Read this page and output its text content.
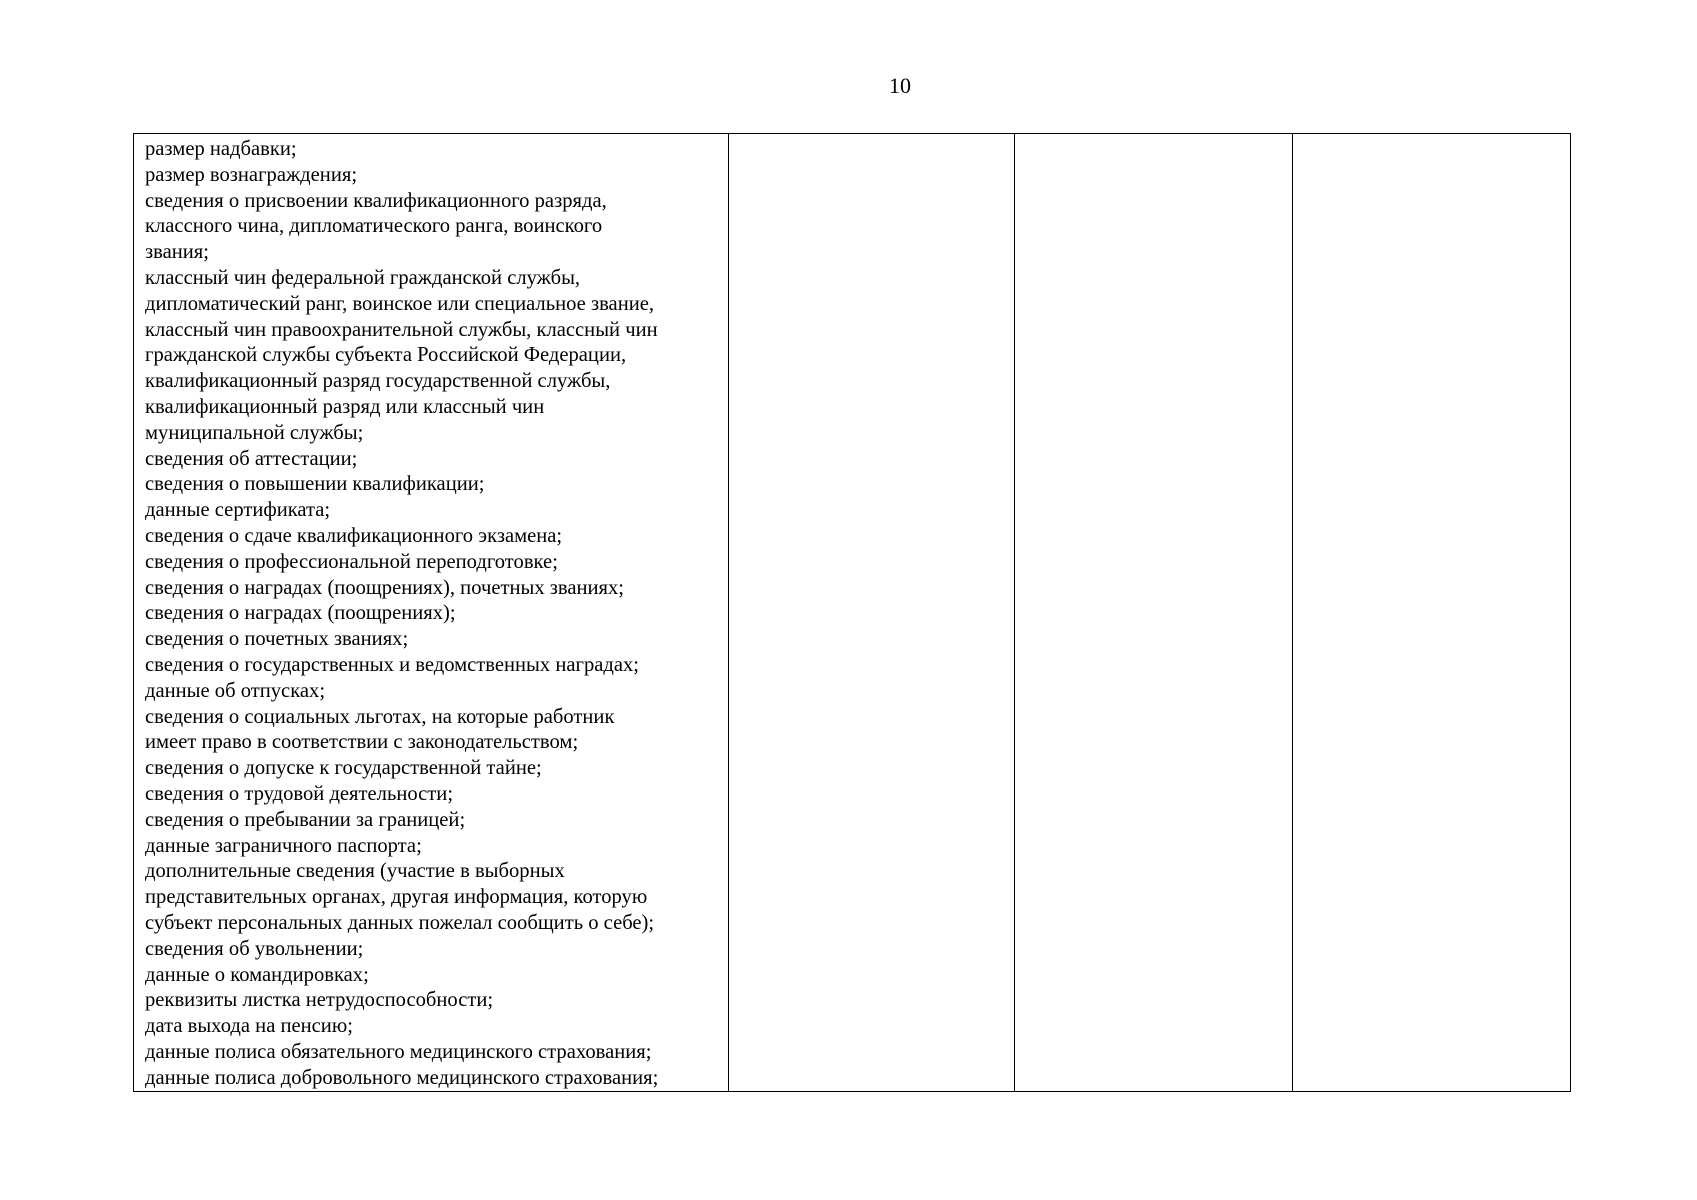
10
размер надбавки;
размер вознаграждения;
сведения о присвоении квалификационного разряда,
классного чина, дипломатического ранга, воинского
звания;
классный чин федеральной гражданской службы,
дипломатический ранг, воинское или специальное звание,
классный чин правоохранительной службы, классный чин
гражданской службы субъекта Российской Федерации,
квалификационный разряд государственной службы,
квалификационный разряд или классный чин
муниципальной службы;
сведения об аттестации;
сведения о повышении квалификации;
данные сертификата;
сведения о сдаче квалификационного экзамена;
сведения о профессиональной переподготовке;
сведения о наградах (поощрениях), почетных званиях;
сведения о наградах (поощрениях);
сведения о почетных званиях;
сведения о государственных и ведомственных наградах;
данные об отпусках;
сведения о социальных льготах, на которые работник
имеет право в соответствии с законодательством;
сведения о допуске к государственной тайне;
сведения о трудовой деятельности;
сведения о пребывании за границей;
данные заграничного паспорта;
дополнительные сведения (участие в выборных
представительных органах, другая информация, которую
субъект персональных данных пожелал сообщить о себе);
сведения об увольнении;
данные о командировках;
реквизиты листка нетрудоспособности;
дата выхода на пенсию;
данные полиса обязательного медицинского страхования;
данные полиса добровольного медицинского страхования;
